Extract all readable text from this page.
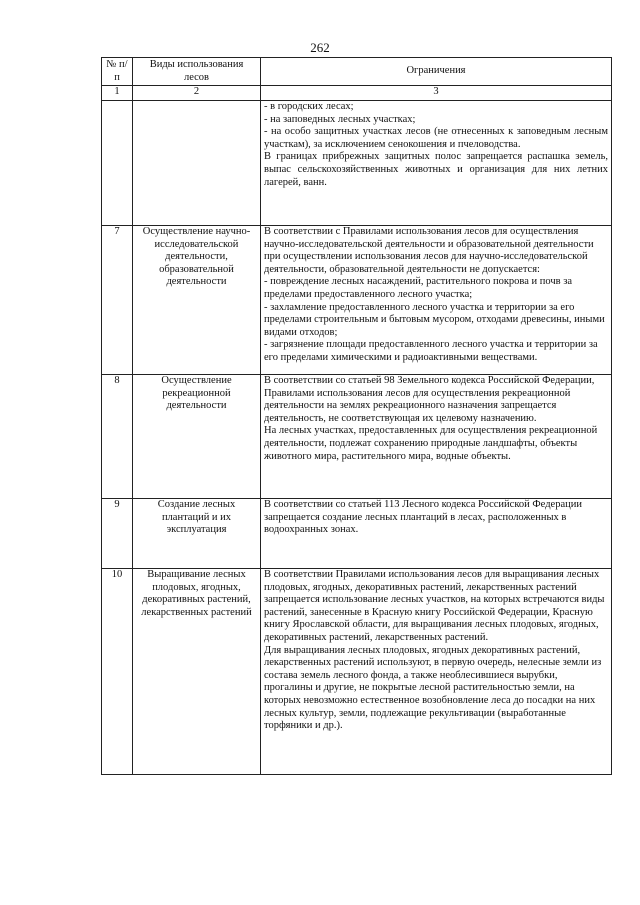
262
№ п/п	Виды использования лесов	Ограничения
1	2	3

		- в городских лесах;
- на заповедных лесных участках;
- на особо защитных участках лесов (не отнесенных к заповедным лесным участкам), за исключением сенокошения и пчеловодства.
В границах прибрежных защитных полос запрещается распашка земель, выпас сельскохозяйственных животных и организация для них летних лагерей, ванн.

7	Осуществление научно-исследовательской деятельности, образовательной деятельности	В соответствии с Правилами использования лесов для осуществления научно-исследовательской деятельности и образовательной деятельности при осуществлении использования лесов для научно-исследовательской деятельности, образовательной деятельности не допускается:
- повреждение лесных насаждений, растительного покрова и почв за пределами предоставленного лесного участка;
- захламление предоставленного леcного участка и территории за его пределами строительным и бытовым мусором, отходами древесины, иными видами отходов;
- загрязнение площади предоставленного лесного участка и территории за его пределами химическими и радиоактивными веществами.

8	Осуществление рекреационной деятельности	В соответствии со статьей 98 Земельного кодекса Российской Федерации, Правилами использования лесов для осуществления рекреационной деятельности на землях рекреационного назначения запрещается деятельность, не соответствующая их целевому назначению.
На лесных участках, предоставленных для осуществления рекреационной деятельности, подлежат сохранению природные ландшафты, объекты животного мира, растительного мира, водные объекты.

9	Создание лесных плантаций и их эксплуатация	В соответствии со статьей 113 Лесного кодекса Российской Федерации запрещается создание лесных плантаций в лесах, расположенных в водоохранных зонах.

10	Выращивание лесных плодовых, ягодных, декоративных растений, лекарственных растений	В соответствии Правилами использования лесов для выращивания лесных плодовых, ягодных, декоративных растений, лекарственных растений запрещается использование лесных участков, на которых встречаются виды растений, занесенные в Красную книгу Российской Федерации, Красную книгу Ярославской области, для выращивания лесных плодовых, ягодных, декоративных растений, лекарственных растений.
Для выращивания лесных плодовых, ягодных декоративных растений, лекарственных растений используют, в первую очередь, нелесные земли из состава земель лесного фонда, а также необлесившиеся вырубки, прогалины и другие, не покрытые лесной растительностью земли, на которых невозможно естественное возобновление леса до посадки на них лесных культур, земли, подлежащие рекультивации (выработанные торфяники и др.).
